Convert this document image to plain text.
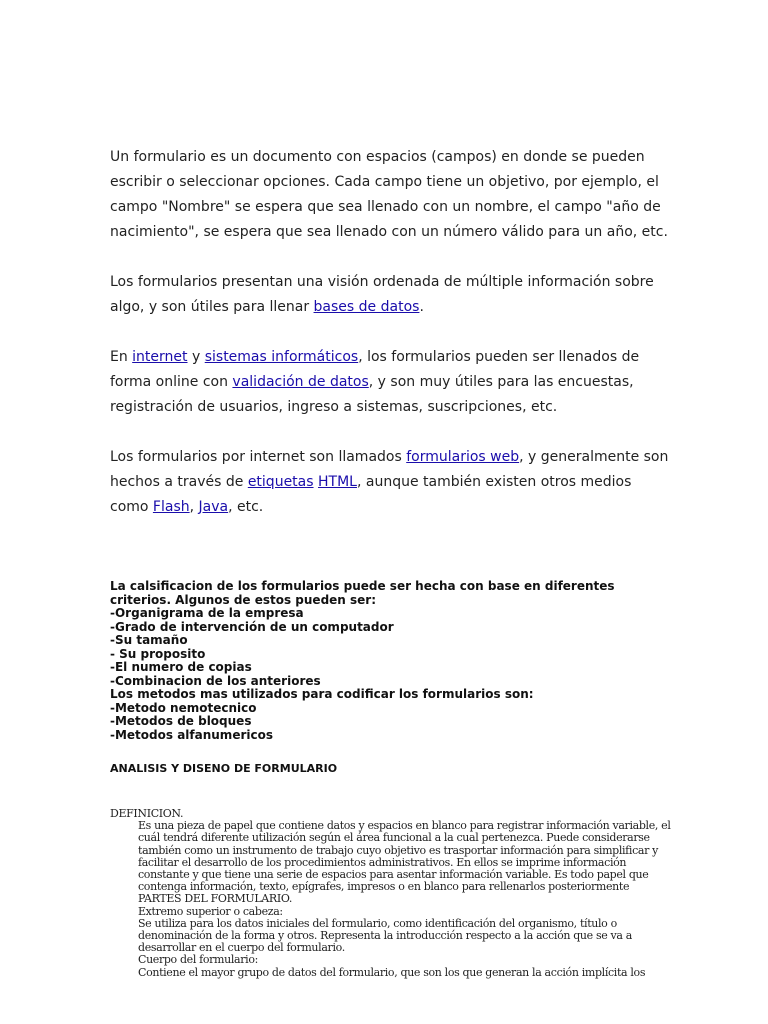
Un formulario es un documento con espacios (campos) en donde se pueden
escribir o seleccionar opciones. Cada campo tiene un objetivo, por ejemplo, el
campo "Nombre" se espera que sea llenado con un nombre, el campo "año de
nacimiento", se espera que sea llenado con un número válido para un año, etc.

Los formularios presentan una visión ordenada de múltiple información sobre
algo, y son útiles para llenar bases de datos.

En internet y sistemas informáticos, los formularios pueden ser llenados de
forma online con validación de datos, y son muy útiles para las encuestas,
registración de usuarios, ingreso a sistemas, suscripciones, etc.

Los formularios por internet son llamados formularios web, y generalmente son
hechos a través de etiquetas HTML, aunque también existen otros medios
como Flash, Java, etc.

La calsificacion de los formularios puede ser hecha con base en diferentes
criterios. Algunos de estos pueden ser:
-Organigrama de la empresa
-Grado de intervención de un computador
-Su tamaño
- Su proposito
-El numero de copias
-Combinacion de los anteriores
Los metodos mas utilizados para codificar los formularios son:
-Metodo nemotecnico
-Metodos de bloques
-Metodos alfanumericos
ANALISIS Y DISENO DE FORMULARIO
DEFINICION.
Es una pieza de papel que contiene datos y espacios en blanco para registrar información variable, el
cuál tendrá diferente utilización según el área funcional a la cual pertenezca. Puede considerarse
también como un instrumento de trabajo cuyo objetivo es trasportar información para simplificar y
facilitar el desarrollo de los procedimientos administrativos. En ellos se imprime información
constante y que tiene una serie de espacios para asentar información variable. Es todo papel que
contenga información, texto, epígrafes, impresos o en blanco para rellenarlos posteriormente
PARTES DEL FORMULARIO.
Extremo superior o cabeza:
Se utiliza para los datos iniciales del formulario, como identificación del organismo, título o
denominación de la forma y otros. Representa la introducción respecto a la acción que se va a
desarrollar en el cuerpo del formulario.
Cuerpo del formulario:
Contiene el mayor grupo de datos del formulario, que son los que generan la acción implícita los
